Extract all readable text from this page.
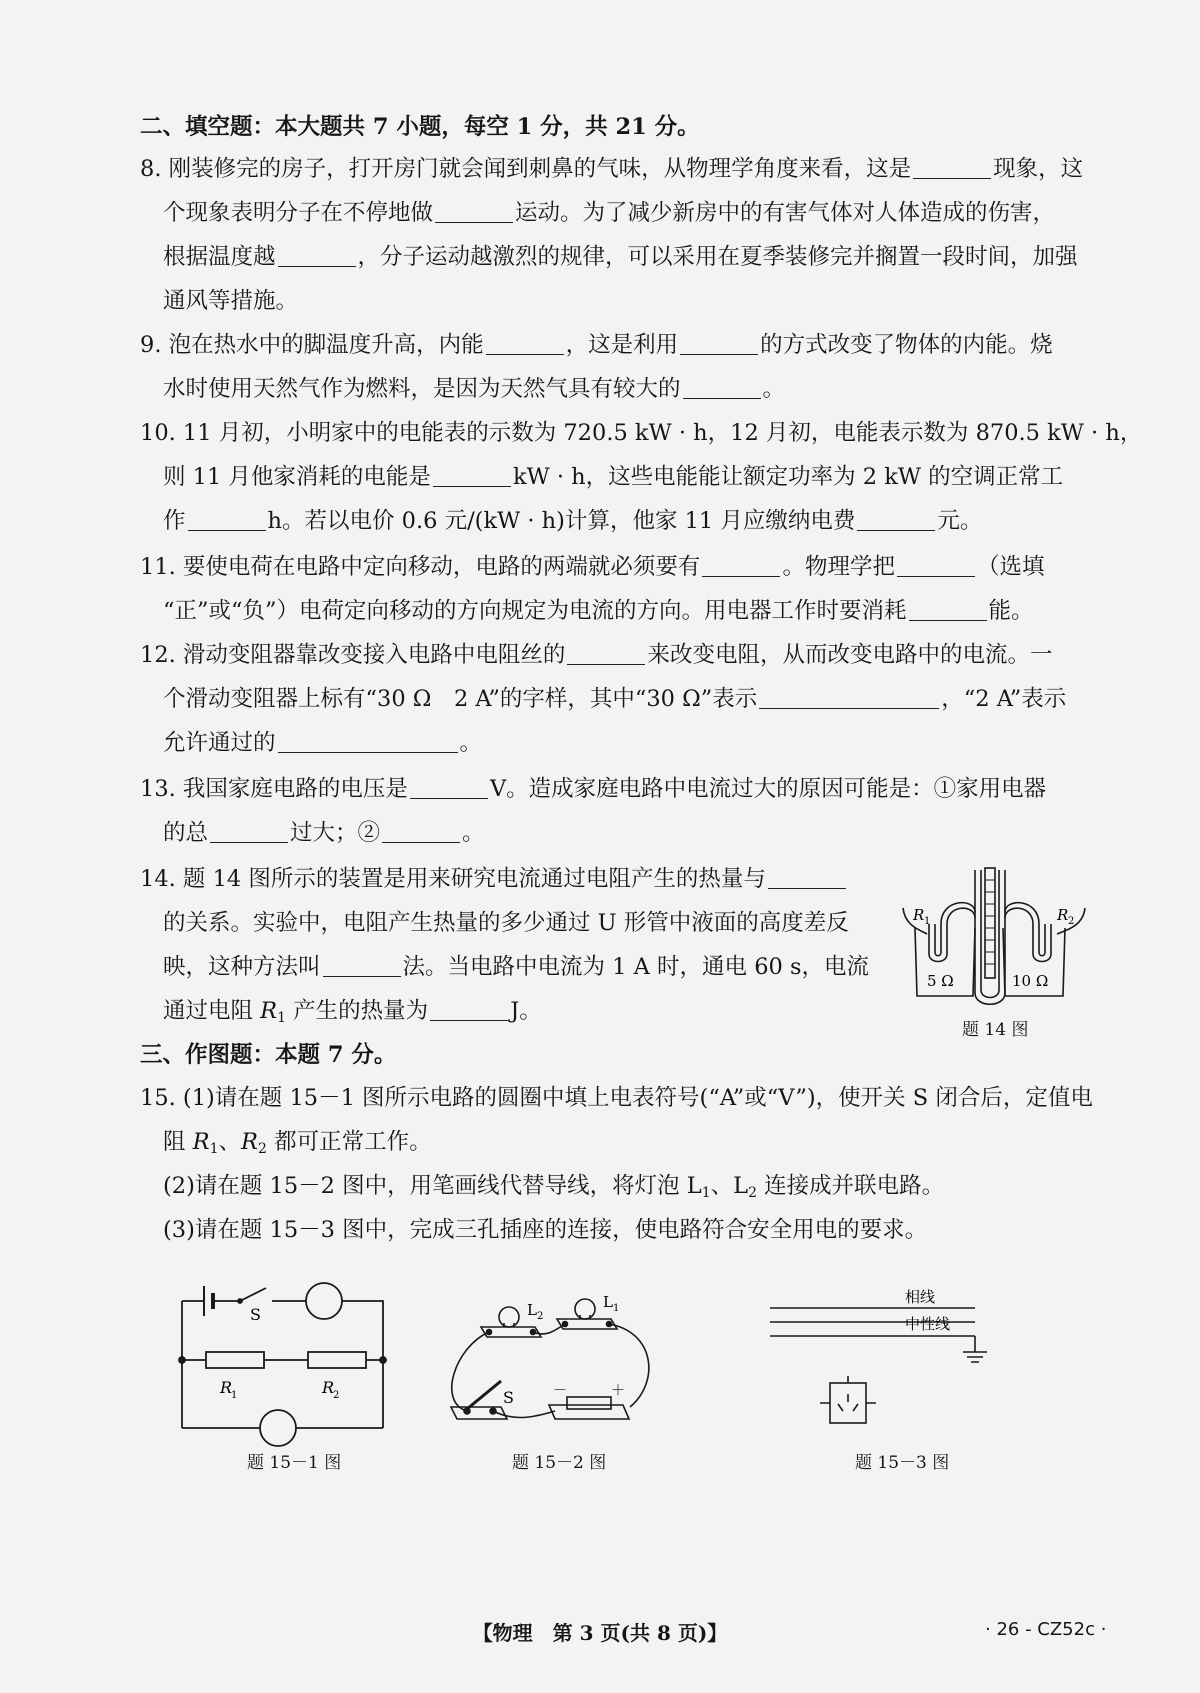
二、填空题：本大题共 7 小题，每空 1 分，共 21 分。
8. 刚装修完的房子，打开房门就会闻到刺鼻的气味，从物理学角度来看，这是	现象，这
个现象表明分子在不停地做	运动。为了减少新房中的有害气体对人体造成的伤害，
根据温度越	，分子运动越激烈的规律，可以采用在夏季装修完并搁置一段时间，加强
通风等措施。
9. 泡在热水中的脚温度升高，内能	，这是利用	的方式改变了物体的内能。烧
水时使用天然气作为燃料，是因为天然气具有较大的	。
10. 11 月初，小明家中的电能表的示数为 720.5 kW · h，12 月初，电能表示数为 870.5 kW · h，
则 11 月他家消耗的电能是	kW · h，这些电能能让额定功率为 2 kW 的空调正常工
作	h。若以电价 0.6 元/(kW · h)计算，他家 11 月应缴纳电费	元。
11. 要使电荷在电路中定向移动，电路的两端就必须要有	。物理学把	（选填
“正”或“负”）电荷定向移动的方向规定为电流的方向。用电器工作时要消耗	能。
12. 滑动变阻器靠改变接入电路中电阻丝的	来改变电阻，从而改变电路中的电流。一
个滑动变阻器上标有“30 Ω　2 A”的字样，其中“30 Ω”表示	，“2 A”表示
允许通过的	。
13. 我国家庭电路的电压是	V。造成家庭电路中电流过大的原因可能是：①家用电器
的总	过大；②	。
14. 题 14 图所示的装置是用来研究电流通过电阻产生的热量与
的关系。实验中，电阻产生热量的多少通过 U 形管中液面的高度差反
映，这种方法叫	法。当电路中电流为 1 A 时，通电 60 s，电流
通过电阻 $R_1$ 产生的热量为	J。
R 1	R 2
5 Ω	10 Ω
题 14 图
三、作图题：本题 7 分。
15. (1)请在题 15－1 图所示电路的圆圈中填上电表符号(“A”或“V”)，使开关 S 闭合后，定值电
阻 $R_1$、$R_2$ 都可正常工作。
(2)请在题 15－2 图中，用笔画线代替导线，将灯泡 $L_1$、$L_2$ 连接成并联电路。
(3)请在题 15－3 图中，完成三孔插座的连接，使电路符合安全用电的要求。
S
R
1	R
2
题 15－1 图
L 2
L 1
S	－	＋
题 15－2 图
相线
中性线
题 15－3 图
【物理　第 3 页(共 8 页)】	· 26 - CZ52c ·
